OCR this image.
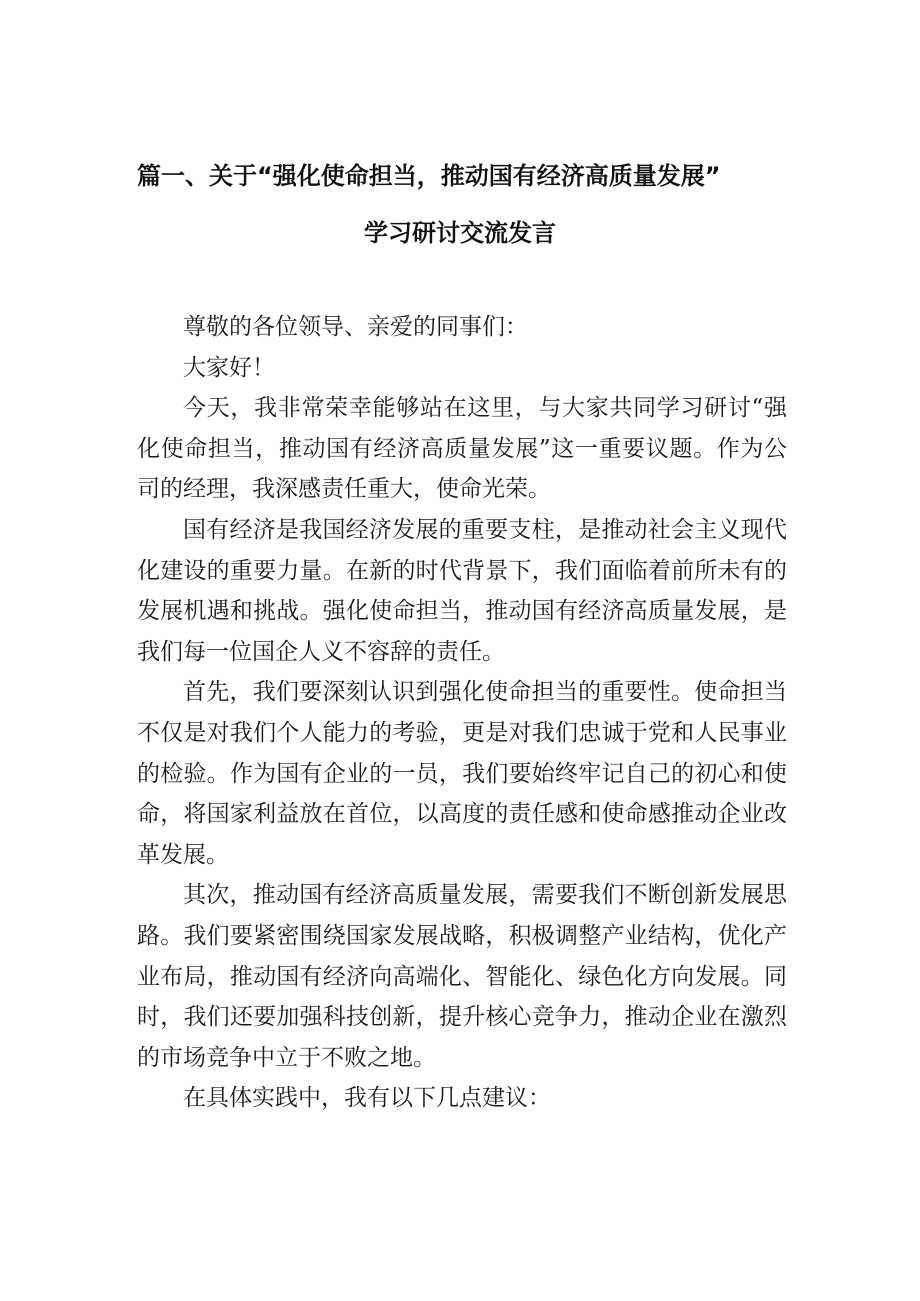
篇一、关于“强化使命担当，推动国有经济高质量发展”
学习研讨交流发言

尊敬的各位领导、亲爱的同事们：

大家好！

今天，我非常荣幸能够站在这里，与大家共同学习研讨“强化使命担当，推动国有经济高质量发展”这一重要议题。作为公司的经理，我深感责任重大，使命光荣。

国有经济是我国经济发展的重要支柱，是推动社会主义现代化建设的重要力量。在新的时代背景下，我们面临着前所未有的发展机遇和挑战。强化使命担当，推动国有经济高质量发展，是我们每一位国企人义不容辞的责任。

首先，我们要深刻认识到强化使命担当的重要性。使命担当不仅是对我们个人能力的考验，更是对我们忠诚于党和人民事业的检验。作为国有企业的一员，我们要始终牢记自己的初心和使命，将国家利益放在首位，以高度的责任感和使命感推动企业改革发展。

其次，推动国有经济高质量发展，需要我们不断创新发展思路。我们要紧密围绕国家发展战略，积极调整产业结构，优化产业布局，推动国有经济向高端化、智能化、绿色化方向发展。同时，我们还要加强科技创新，提升核心竞争力，推动企业在激烈的市场竞争中立于不败之地。

在具体实践中，我有以下几点建议：
